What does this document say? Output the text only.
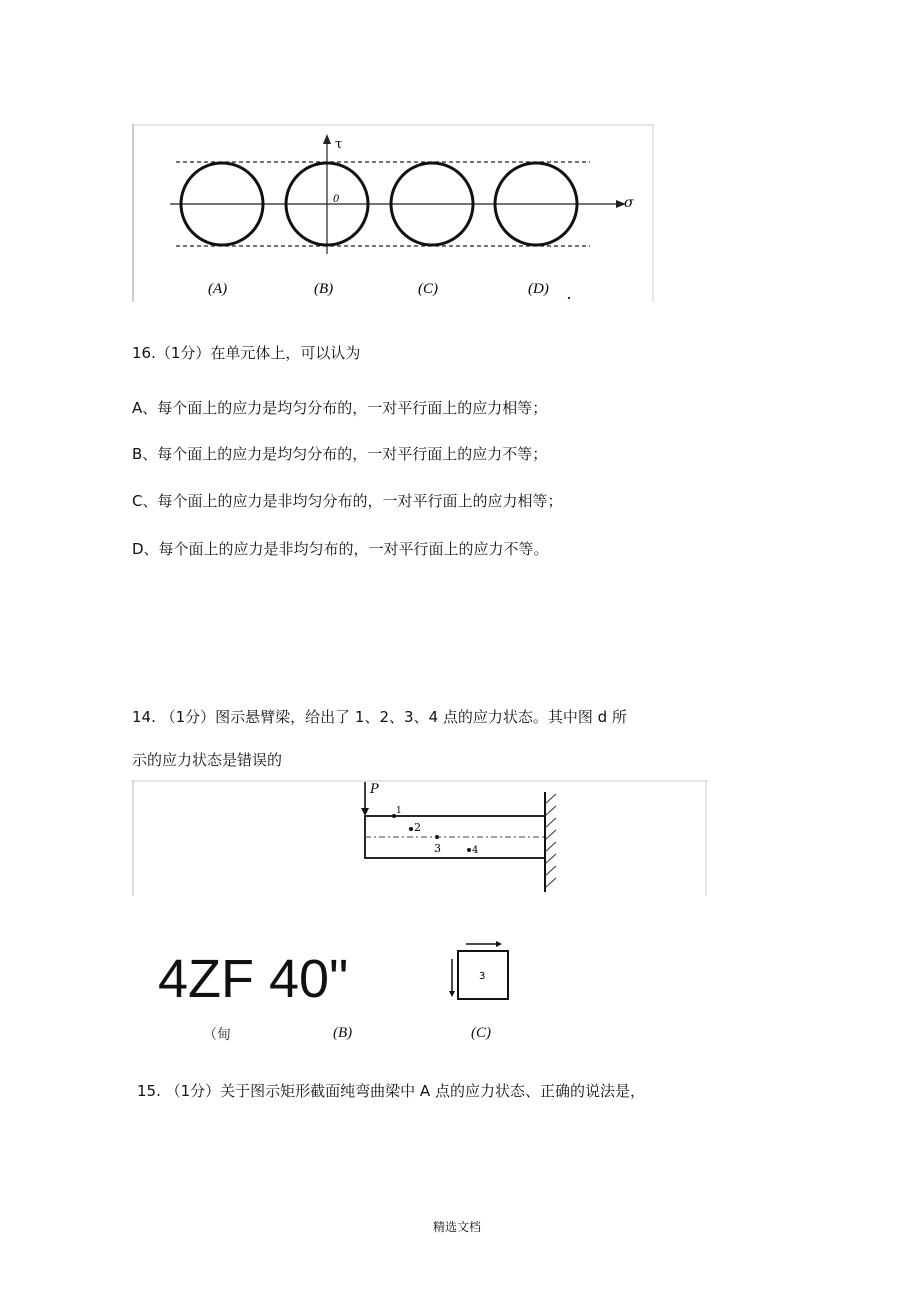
τ
σ
0
(A)	(B)	(C)	(D)
16.（1分）在单元体上，可以认为
A、每个面上的应力是均匀分布的，一对平行面上的应力相等；
B、每个面上的应力是均匀分布的，一对平行面上的应力不等；
C、每个面上的应力是非均匀分布的，一对平行面上的应力相等；
D、每个面上的应力是非均匀布的，一对平行面上的应力不等。
14. （1分）图示悬臂梁，给出了 1、2、3、4 点的应力状态。其中图 d 所
示的应力状态是错误的
P
1
2
3	4
4ZF 40"	3
（甸	(B)	(C)
15. （1分）关于图示矩形截面纯弯曲梁中 A 点的应力状态、正确的说法是，
精选文档
